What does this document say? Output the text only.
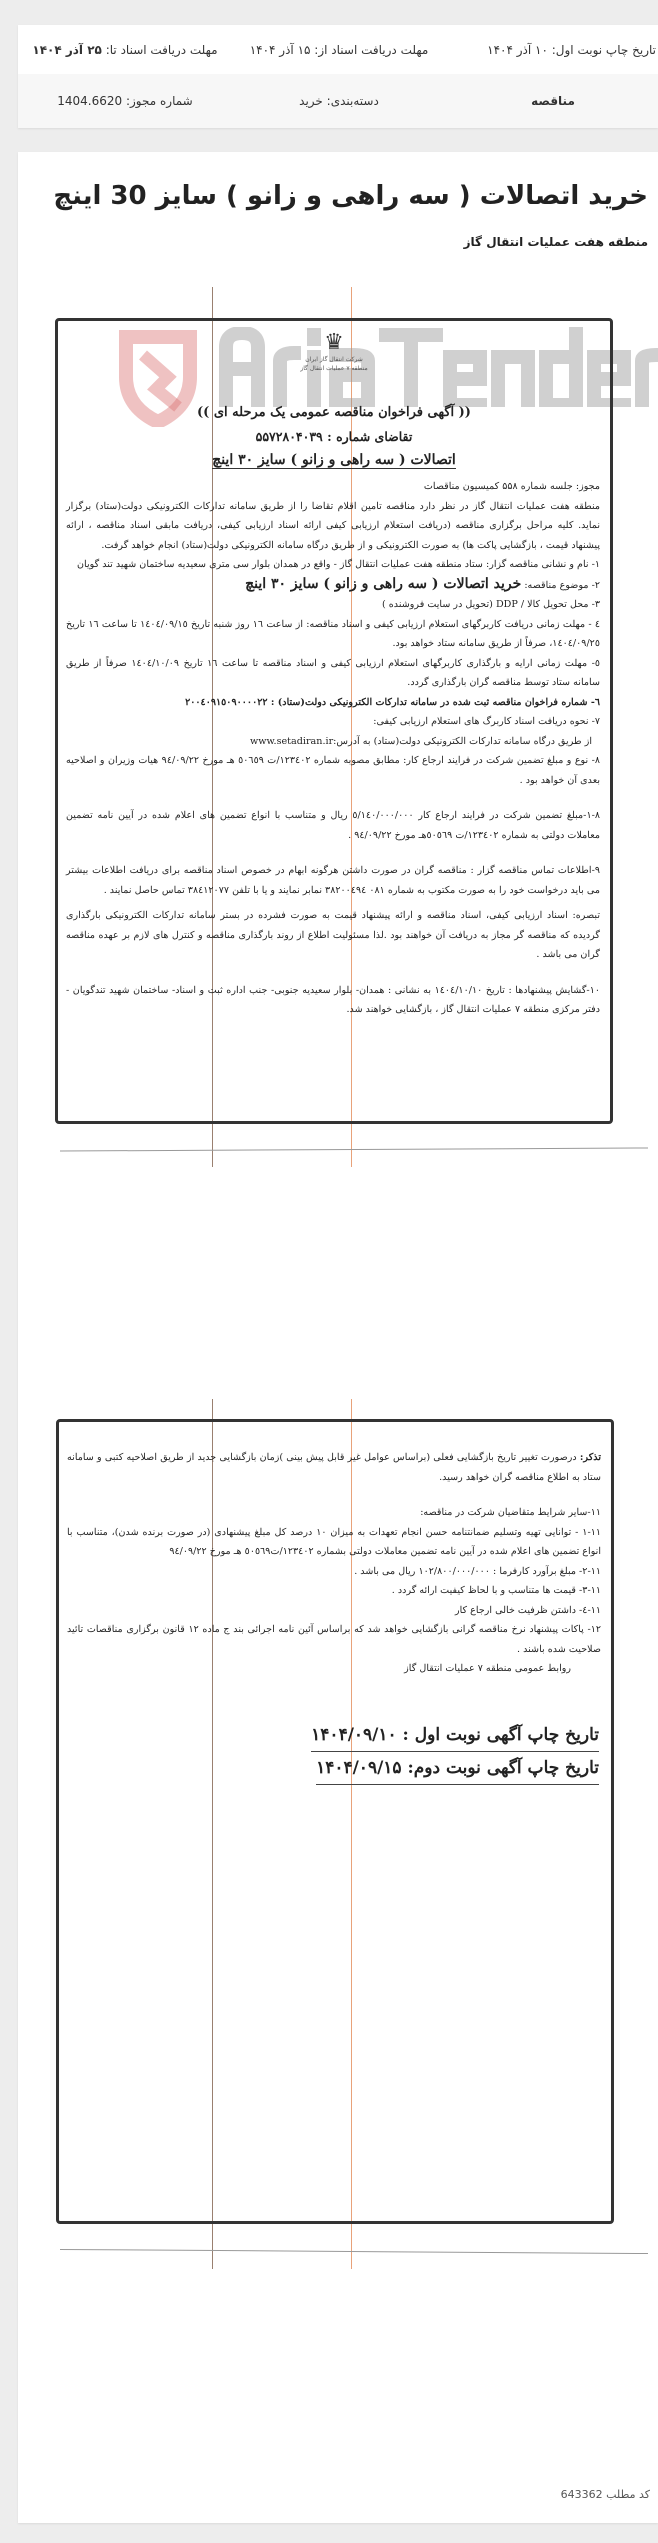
تاریخ چاپ نوبت اول: ۱۰ آذر ۱۴۰۴
مهلت دریافت اسناد از: ۱۵ آذر ۱۴۰۴
مهلت دریافت اسناد تا: ۲۵ آذر ۱۴۰۴
مناقصه
دسته‌بندی: خرید
شماره مجوز: 1404.6620
خرید اتصالات ( سه راهی و زانو ) سایز 30 اینچ
منطقه هفت عملیات انتقال گاز
♛
شرکت انتقال گاز ایران
منطقه ۷ عملیات انتقال گاز
(( آگهی فراخوان مناقصه عمومی یک مرحله ای ))
تقاضای شماره : ۵۵۷۲۸۰۴۰۳۹
اتصالات ( سه راهی و زانو ) سایز ۳۰ اینچ

مجوز: جلسه شماره ۵۵۸ کمیسیون مناقصات

منطقه هفت عملیات انتقال گاز در نظر دارد مناقصه تامین اقلام تقاضا را از طریق سامانه تدارکات الکترونیکی دولت(ستاد) برگزار نماید. کلیه مراحل برگزاری مناقصه (دریافت استعلام ارزیابی کیفی ارائه اسناد ارزیابی کیفی، دریافت مابقی اسناد مناقصه ، ارائه پیشنهاد قیمت ، بازگشایی پاکت ها) به صورت الکترونیکی و از طریق درگاه سامانه الکترونیکی دولت(ستاد) انجام خواهد گرفت.

۱- نام و نشانی مناقصه گزار: ستاد منطقه هفت عملیات انتقال گاز - واقع در همدان بلوار سی متری سعیدیه ساختمان شهید تند گویان

۲- موضوع مناقصه: خرید اتصالات ( سه راهی و زانو ) سایز ۳۰ اینچ

۳- محل تحویل کالا / DDP (تحویل در سایت فروشنده )

٤ - مهلت زمانی دریافت کاربرگهای استعلام ارزیابی کیفی و اسناد مناقصه: از ساعت ١٦ روز شنبه تاریخ ١٤٠٤/٠٩/١٥ تا ساعت ١٦ تاریخ ١٤٠٤/٠٩/٢٥، صرفاً از طریق سامانه ستاد خواهد بود.

٥- مهلت زمانی ارایه و بارگذاری کاربرگهای استعلام ارزیابی کیفی و اسناد مناقصه تا ساعت ١٦ تاریخ ١٤٠٤/١٠/٠٩ صرفاً از طریق سامانه ستاد توسط مناقصه گران بارگذاری گردد.

٦- شماره فراخوان مناقصه ثبت شده در سامانه تدارکات الکترونیکی دولت(ستاد) : ٢٠٠٤٠٩١٥٠٩٠٠٠٠٢٢

٧- نحوه دریافت اسناد کاربرگ های استعلام ارزیابی کیفی:

از طریق درگاه سامانه تدارکات الکترونیکی دولت(ستاد) به آدرس:www.setadiran.ir

٨- نوع و مبلغ تضمین شرکت در فرایند ارجاع کار: مطابق مصوبه شماره ١٢٣٤٠٢/ت ٥٠٦٥٩ هـ مورخ ٩٤/٠٩/٢٢ هیات وزیران و اصلاحیه بعدی آن خواهد بود .

٨-١-مبلغ تضمین شرکت در فرایند ارجاع کار ٥/١٤٠/٠٠٠/٠٠٠ ریال و متناسب با انواع تضمین های اعلام شده در آیین نامه تضمین معاملات دولتی به شماره ١٢٣٤٠٢/ت ٥٠٥٦٩هـ مورخ ٩٤/٠٩/٢٢ .

٩-اطلاعات تماس مناقصه گزار : مناقصه گران در صورت داشتن هرگونه ابهام در خصوص اسناد مناقصه برای دریافت اطلاعات بیشتر می باید درخواست خود را به صورت مکتوب به شماره ٠٨١ ٣٨٢٠٠٤٩٤ نمابر نمایند و یا با تلفن ٣٨٤١٢٠٧٧ تماس حاصل نمایند .

تبصره: اسناد ارزیابی کیفی، اسناد مناقصه و ارائه پیشنهاد قیمت به صورت فشرده در بستر سامانه تدارکات الکترونیکی بارگذاری گردیده که مناقصه گر مجاز به دریافت آن خواهند بود .لذا مسئولیت اطلاع از روند بارگذاری مناقصه و کنترل های لازم بر عهده مناقصه گران می باشد .

١٠-گشایش پیشنهادها : تاریخ ١٤٠٤/١٠/١٠ به نشانی : همدان- بلوار سعیدیه جنوبی- جنب اداره ثبت و اسناد- ساختمان شهید تندگویان - دفتر مرکزی منطقه ٧ عملیات انتقال گاز ، بازگشایی خواهند شد.

تذکر: درصورت تغییر تاریخ بازگشایی فعلی (براساس عوامل غیر قابل پیش بینی )زمان بازگشایی جدید از طریق اصلاحیه کتبی و سامانه ستاد به اطلاع مناقصه گران خواهد رسید.

١١-سایر شرایط متقاضیان شرکت در مناقصه:

١١-١ - توانایی تهیه وتسلیم ضمانتنامه حسن انجام تعهدات به میزان ١٠ درصد کل مبلغ پیشنهادی (در صورت برنده شدن)، متناسب با انواع تضمین های اعلام شده در آیین نامه تضمین معاملات دولتی بشماره ١٢٣٤٠٢/ت٥٠٥٦٩ هـ مورخ ٩٤/٠٩/٢٢

١١-٢- مبلغ برآورد کارفرما : ١٠٢/٨٠٠/٠٠٠/٠٠٠ ریال می باشد .

١١-٣- قیمت ها متناسب و با لحاظ کیفیت ارائه گردد .

١١-٤- داشتن ظرفیت خالی ارجاع کار

١٢- پاکات پیشنهاد نرخ مناقصه گرانی بازگشایی خواهد شد که براساس آئین نامه اجرائی بند ج ماده ١٢ قانون برگزاری مناقصات تائید صلاحیت شده باشند .

روابط عمومی منطقه ٧ عملیات انتقال گاز

تاریخ چاپ آگهی نوبت اول : ۱۴۰۴/۰۹/۱۰
تاریخ چاپ آگهی نوبت دوم: ۱۴۰۴/۰۹/۱۵
کد مطلب 643362
